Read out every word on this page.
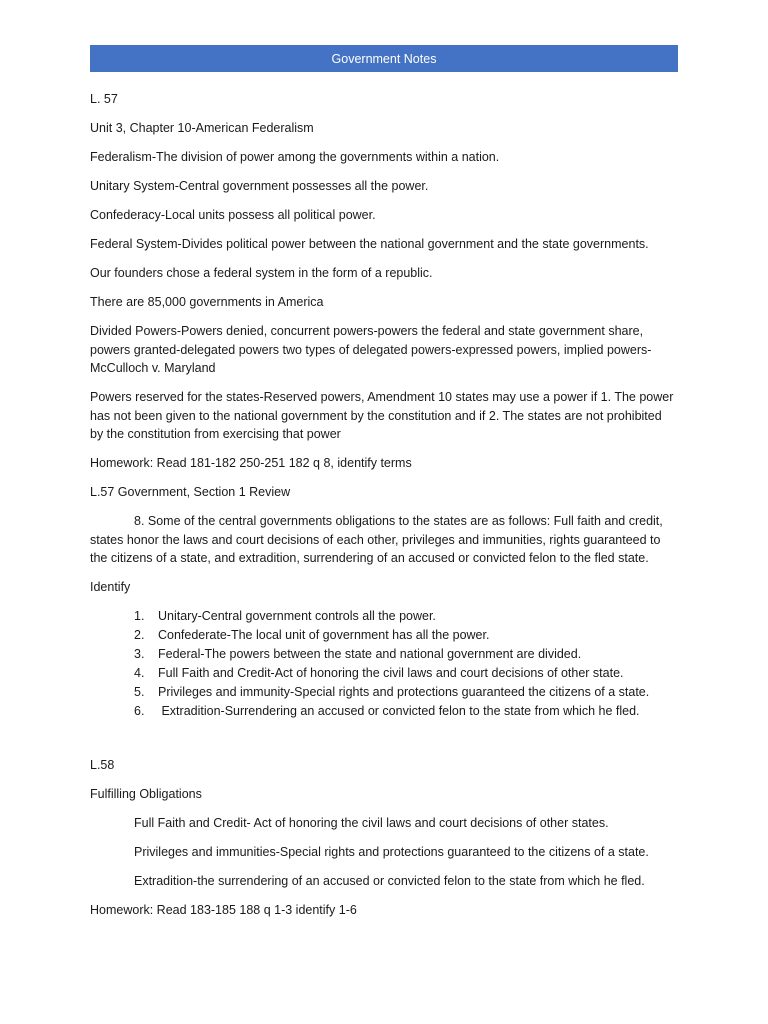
Government Notes

L. 57

Unit 3, Chapter 10-American Federalism

Federalism-The division of power among the governments within a nation.

Unitary System-Central government possesses all the power.

Confederacy-Local units possess all political power.

Federal System-Divides political power between the national government and the state governments.

Our founders chose a federal system in the form of a republic.

There are 85,000 governments in America

Divided Powers-Powers denied, concurrent powers-powers the federal and state government share, powers granted-delegated powers two types of delegated powers-expressed powers, implied powers-McCulloch v. Maryland

Powers reserved for the states-Reserved powers, Amendment 10 states may use a power if 1. The power has not been given to the national government by the constitution and if 2. The states are not prohibited by the constitution from exercising that power

Homework: Read 181-182 250-251 182 q 8, identify terms

L.57 Government, Section 1 Review

8. Some of the central governments obligations to the states are as follows: Full faith and credit, states honor the laws and court decisions of each other, privileges and immunities, rights guaranteed to the citizens of a state, and extradition, surrendering of an accused or convicted felon to the fled state.

Identify

1.	Unitary-Central government controls all the power.
2.	Confederate-The local unit of government has all the power.
3.	Federal-The powers between the state and national government are divided.
4.	Full Faith and Credit-Act of honoring the civil laws and court decisions of other state.
5.	Privileges and immunity-Special rights and protections guaranteed the citizens of a state.
6.	Extradition-Surrendering an accused or convicted felon to the state from which he fled.

L.58

Fulfilling Obligations

Full Faith and Credit- Act of honoring the civil laws and court decisions of other states.

Privileges and immunities-Special rights and protections guaranteed to the citizens of a state.

Extradition-the surrendering of an accused or convicted felon to the state from which he fled.

Homework: Read 183-185 188 q 1-3 identify 1-6
